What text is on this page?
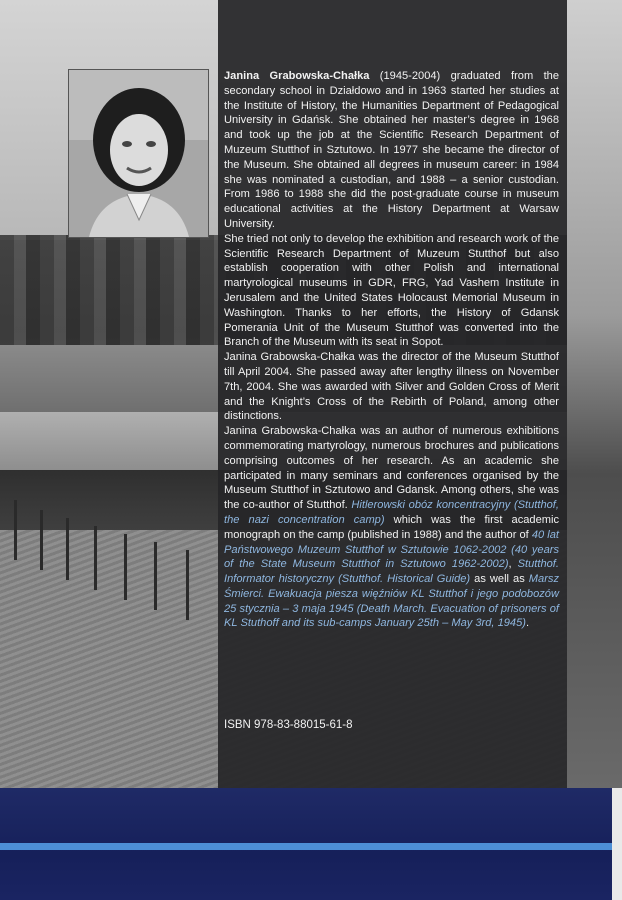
Janina Grabowska-Chałka (1945-2004) graduated from the secondary school in Działdowo and in 1963 started her studies at the Institute of History, the Humanities Department of Pedagogical University in Gdańsk. She obtained her master’s degree in 1968 and took up the job at the Scientific Research Department of Muzeum Stutthof in Sztutowo. In 1977 she became the director of the Museum. She obtained all degrees in museum career: in 1984 she was nominated a custodian, and 1988 – a senior custodian. From 1986 to 1988 she did the post-graduate course in museum educational activities at the History Department at Warsaw University.

She tried not only to develop the exhibition and research work of the Scientific Research Department of Muzeum Stutthof but also establish cooperation with other Polish and international martyrological museums in GDR, FRG, Yad Vashem Institute in Jerusalem and the United States Holocaust Memorial Museum in Washington. Thanks to her efforts, the History of Gdansk Pomerania Unit of the Museum Stutthof was converted into the Branch of the Museum with its seat in Sopot.

Janina Grabowska-Chałka was the director of the Museum Stutthof till April 2004. She passed away after lengthy illness on November 7th, 2004. She was awarded with Silver and Golden Cross of Merit and the Knight’s Cross of the Rebirth of Poland, among other distinctions.

Janina Grabowska-Chałka was an author of numerous exhibitions commemorating martyrology, numerous brochures and publications comprising outcomes of her research. As an academic she participated in many seminars and conferences organised by the Museum Stutthof in Sztutowo and Gdansk. Among others, she was the co-author of Stutthof. Hitlerowski obóz koncentracyjny (Stutthof, the nazi concentration camp) which was the first academic monograph on the camp (published in 1988) and the author of 40 lat Państwowego Muzeum Stutthof w Sztutowie 1062-2002 (40 years of the State Museum Stutthof in Sztutowo 1962-2002), Stutthof. Informator historyczny (Stutthof. Historical Guide) as well as Marsz Śmierci. Ewakuacja piesza więźniów KL Stutthof i jego podobozów 25 stycznia – 3 maja 1945 (Death March. Evacuation of prisoners of KL Stuthoff and its sub-camps January 25th – May 3rd, 1945).

ISBN 978-83-88015-61-8
